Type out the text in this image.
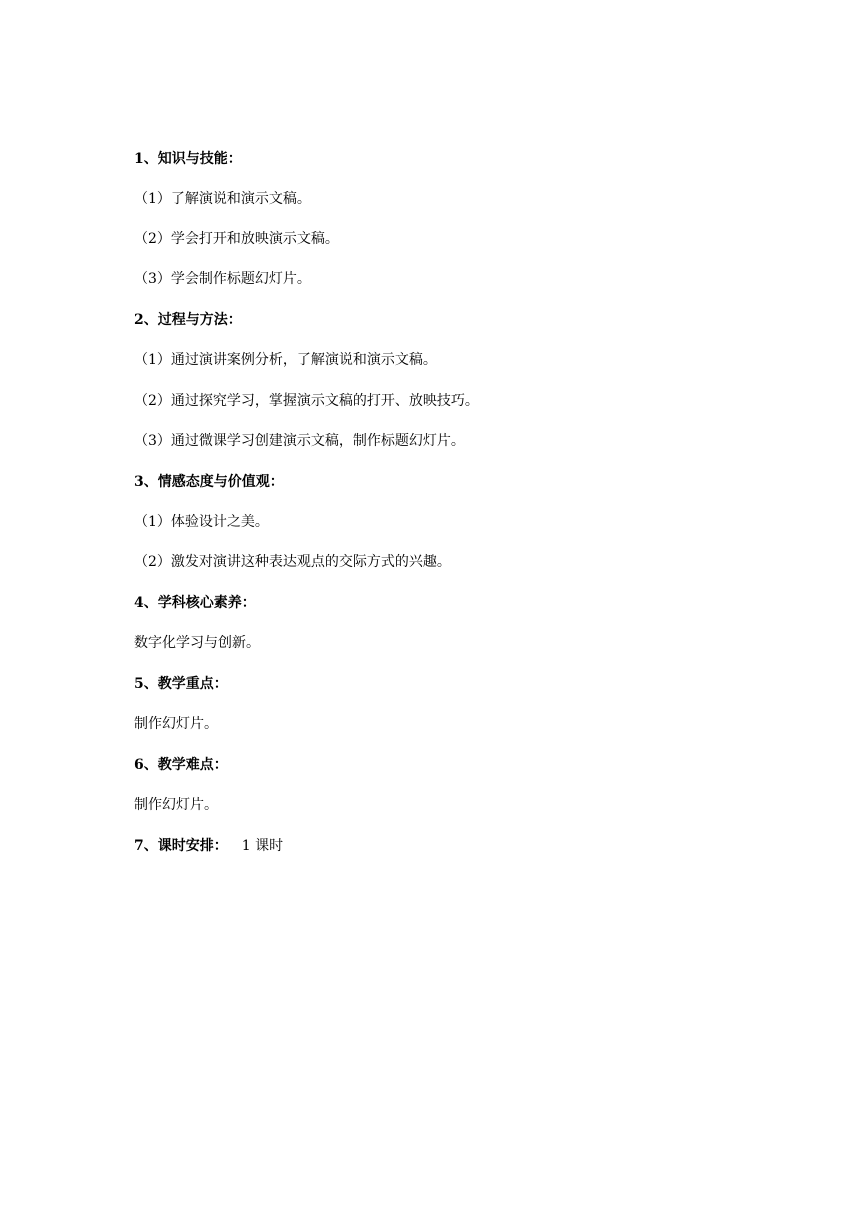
1、知识与技能：
（1）了解演说和演示文稿。
（2）学会打开和放映演示文稿。
（3）学会制作标题幻灯片。
2、过程与方法：
（1）通过演讲案例分析，了解演说和演示文稿。
（2）通过探究学习，掌握演示文稿的打开、放映技巧。
（3）通过微课学习创建演示文稿，制作标题幻灯片。
3、情感态度与价值观：
（1）体验设计之美。
（2）激发对演讲这种表达观点的交际方式的兴趣。
4、学科核心素养：
数字化学习与创新。
5、教学重点：
制作幻灯片。
6、教学难点：
制作幻灯片。
7、课时安排： 1 课时
